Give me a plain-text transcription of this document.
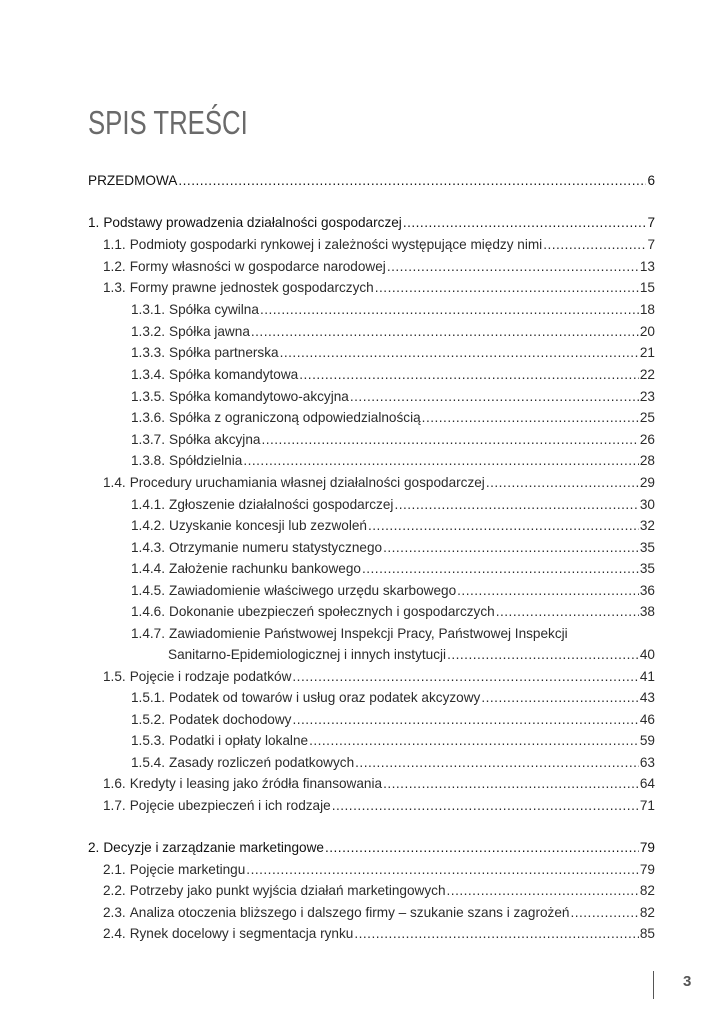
SPIS TREŚCI
PRZEDMOWA .....	6
1. Podstawy prowadzenia działalności gospodarczej .....	7
1.1. Podmioty gospodarki rynkowej i zależności występujące między nimi .....	7
1.2. Formy własności w gospodarce narodowej .....	13
1.3. Formy prawne jednostek gospodarczych .....	15
1.3.1. Spółka cywilna .....	18
1.3.2. Spółka jawna .....	20
1.3.3. Spółka partnerska .....	21
1.3.4. Spółka komandytowa .....	22
1.3.5. Spółka komandytowo-akcyjna .....	23
1.3.6. Spółka z ograniczoną odpowiedzialnością .....	25
1.3.7. Spółka akcyjna .....	26
1.3.8. Spółdzielnia .....	28
1.4. Procedury uruchamiania własnej działalności gospodarczej .....	29
1.4.1. Zgłoszenie działalności gospodarczej .....	30
1.4.2. Uzyskanie koncesji lub zezwoleń .....	32
1.4.3. Otrzymanie numeru statystycznego .....	35
1.4.4. Założenie rachunku bankowego .....	35
1.4.5. Zawiadomienie właściwego urzędu skarbowego .....	36
1.4.6. Dokonanie ubezpieczeń społecznych i gospodarczych .....	38
1.4.7. Zawiadomienie Państwowej Inspekcji Pracy, Państwowej Inspekcji
Sanitarno-Epidemiologicznej i innych instytucji .....	40
1.5. Pojęcie i rodzaje podatków .....	41
1.5.1. Podatek od towarów i usług oraz podatek akcyzowy .....	43
1.5.2. Podatek dochodowy .....	46
1.5.3. Podatki i opłaty lokalne .....	59
1.5.4. Zasady rozliczeń podatkowych .....	63
1.6. Kredyty i leasing jako źródła finansowania .....	64
1.7. Pojęcie ubezpieczeń i ich rodzaje .....	71
2. Decyzje i zarządzanie marketingowe .....	79
2.1. Pojęcie marketingu .....	79
2.2. Potrzeby jako punkt wyjścia działań marketingowych .....	82
2.3. Analiza otoczenia bliższego i dalszego firmy – szukanie szans i zagrożeń .....	82
2.4. Rynek docelowy i segmentacja rynku .....	85
3
